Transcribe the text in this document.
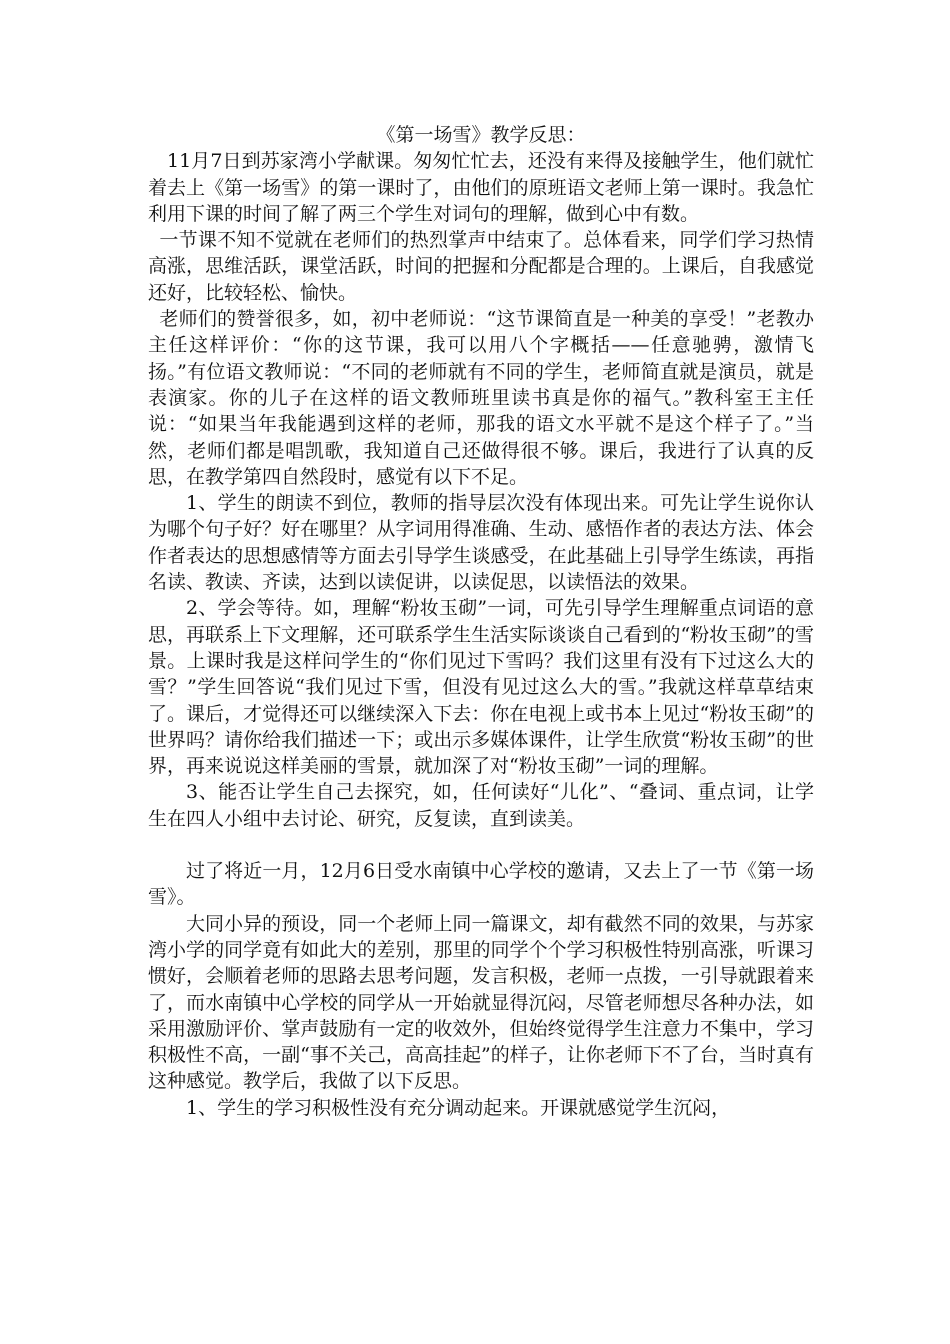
《第一场雪》教学反思：

11月7日到苏家湾小学献课。匆匆忙忙去，还没有来得及接触学生，他们就忙着去上《第一场雪》的第一课时了，由他们的原班语文老师上第一课时。我急忙利用下课的时间了解了两三个学生对词句的理解，做到心中有数。

一节课不知不觉就在老师们的热烈掌声中结束了。总体看来，同学们学习热情高涨，思维活跃，课堂活跃，时间的把握和分配都是合理的。上课后，自我感觉还好，比较轻松、愉快。

老师们的赞誉很多，如，初中老师说：“这节课简直是一种美的享受！”老教办主任这样评价：“你的这节课，我可以用八个字概括——任意驰骋，激情飞扬。”有位语文教师说：“不同的老师就有不同的学生，老师简直就是演员，就是表演家。你的儿子在这样的语文教师班里读书真是你的福气。”教科室王主任说：“如果当年我能遇到这样的老师，那我的语文水平就不是这个样子了。”当然，老师们都是唱凯歌，我知道自己还做得很不够。课后，我进行了认真的反思，在教学第四自然段时，感觉有以下不足。

1、学生的朗读不到位，教师的指导层次没有体现出来。可先让学生说你认为哪个句子好？好在哪里？从字词用得准确、生动、感悟作者的表达方法、体会作者表达的思想感情等方面去引导学生谈感受，在此基础上引导学生练读，再指名读、教读、齐读，达到以读促讲，以读促思，以读悟法的效果。

2、学会等待。如，理解“粉妆玉砌”一词，可先引导学生理解重点词语的意思，再联系上下文理解，还可联系学生生活实际谈谈自己看到的“粉妆玉砌”的雪景。上课时我是这样问学生的“你们见过下雪吗？我们这里有没有下过这么大的雪？”学生回答说“我们见过下雪，但没有见过这么大的雪。”我就这样草草结束了。课后，才觉得还可以继续深入下去：你在电视上或书本上见过“粉妆玉砌”的世界吗？请你给我们描述一下；或出示多媒体课件，让学生欣赏“粉妆玉砌”的世界，再来说说这样美丽的雪景，就加深了对“粉妆玉砌”一词的理解。

3、能否让学生自己去探究，如，任何读好“儿化”、“叠词、重点词，让学生在四人小组中去讨论、研究，反复读，直到读美。

过了将近一月，12月6日受水南镇中心学校的邀请，又去上了一节《第一场雪》。

大同小异的预设，同一个老师上同一篇课文，却有截然不同的效果，与苏家湾小学的同学竟有如此大的差别，那里的同学个个学习积极性特别高涨，听课习惯好，会顺着老师的思路去思考问题，发言积极，老师一点拨，一引导就跟着来了，而水南镇中心学校的同学从一开始就显得沉闷，尽管老师想尽各种办法，如采用激励评价、掌声鼓励有一定的收效外，但始终觉得学生注意力不集中，学习积极性不高，一副“事不关己，高高挂起”的样子，让你老师下不了台，当时真有这种感觉。教学后，我做了以下反思。

1、学生的学习积极性没有充分调动起来。开课就感觉学生沉闷，
